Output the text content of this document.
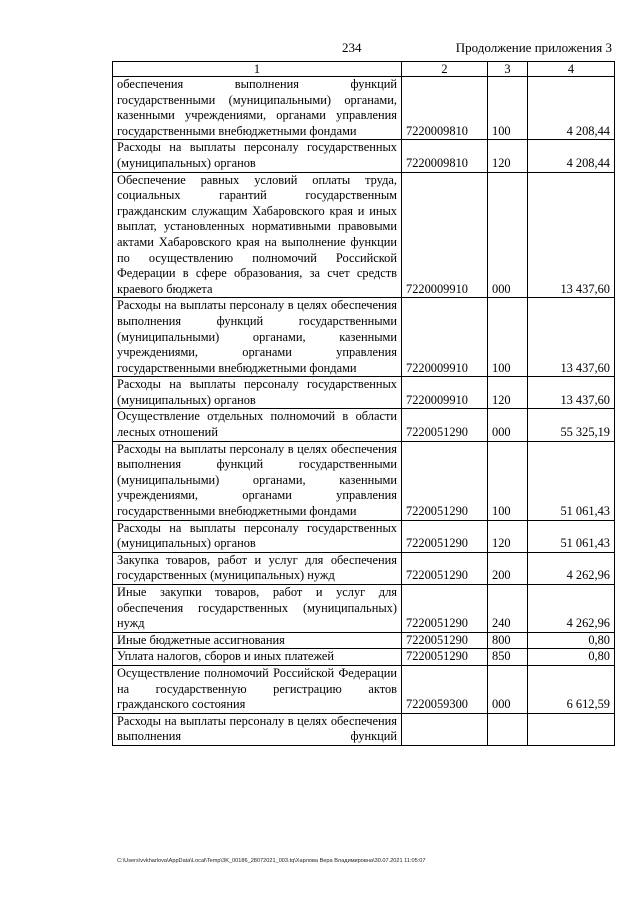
234	Продолжение приложения 3
1	2	3	4
обеспечения выполнения функций государственными (муниципальными) органами, казенными учреждениями, органами управления государственными внебюджетными фондами	7220009810	100	4 208,44
Расходы на выплаты персоналу государственных (муниципальных) органов	7220009810	120	4 208,44
Обеспечение равных условий оплаты труда, социальных гарантий государственным гражданским служащим Хабаровского края и иных выплат, установленных нормативными правовыми актами Хабаровского края на выполнение функции по осуществлению полномочий Российской Федерации в сфере образования, за счет средств краевого бюджета	7220009910	000	13 437,60
Расходы на выплаты персоналу в целях обеспечения выполнения функций государственными (муниципальными) органами, казенными учреждениями, органами управления государственными внебюджетными фондами	7220009910	100	13 437,60
Расходы на выплаты персоналу государственных (муниципальных) органов	7220009910	120	13 437,60
Осуществление отдельных полномочий в области лесных отношений	7220051290	000	55 325,19
Расходы на выплаты персоналу в целях обеспечения выполнения функций государственными (муниципальными) органами, казенными учреждениями, органами управления государственными внебюджетными фондами	7220051290	100	51 061,43
Расходы на выплаты персоналу государственных (муниципальных) органов	7220051290	120	51 061,43
Закупка товаров, работ и услуг для обеспечения государственных (муниципальных) нужд	7220051290	200	4 262,96
Иные закупки товаров, работ и услуг для обеспечения государственных (муниципальных) нужд	7220051290	240	4 262,96
Иные бюджетные ассигнования	7220051290	800	0,80
Уплата налогов, сборов и иных платежей	7220051290	850	0,80
Осуществление полномочий Российской Федерации на государственную регистрацию актов гражданского состояния	7220059300	000	6 612,59
Расходы на выплаты персоналу в целях обеспечения выполнения функций			
C:\Users\vvkharlova\AppData\Local\Temp\3K_00186_28072021_003.tq\Харлова Вера Владимировна\30.07.2021 11:05:07
